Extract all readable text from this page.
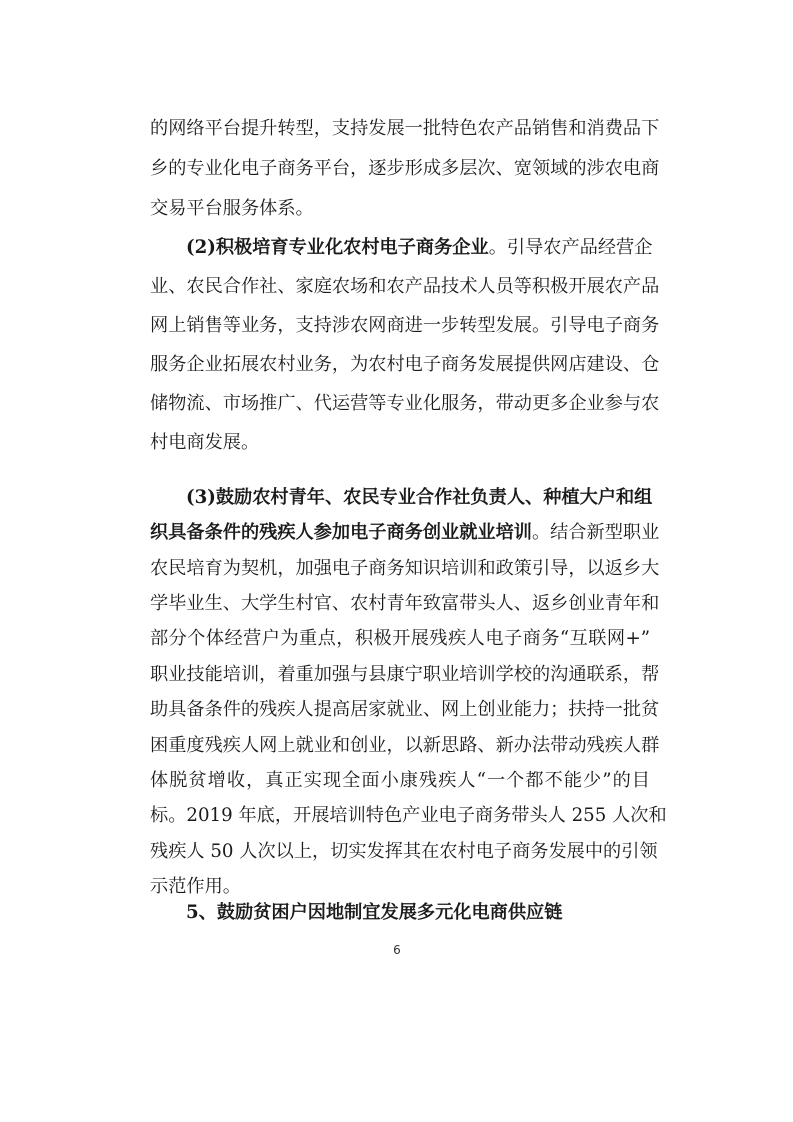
的网络平台提升转型，支持发展一批特色农产品销售和消费品下
乡的专业化电子商务平台，逐步形成多层次、宽领域的涉农电商
交易平台服务体系。
(2)积极培育专业化农村电子商务企业。引导农产品经营企
业、农民合作社、家庭农场和农产品技术人员等积极开展农产品
网上销售等业务，支持涉农网商进一步转型发展。引导电子商务
服务企业拓展农村业务，为农村电子商务发展提供网店建设、仓
储物流、市场推广、代运营等专业化服务，带动更多企业参与农
村电商发展。
(3)鼓励农村青年、农民专业合作社负责人、种植大户和组
织具备条件的残疾人参加电子商务创业就业培训。结合新型职业
农民培育为契机，加强电子商务知识培训和政策引导，以返乡大
学毕业生、大学生村官、农村青年致富带头人、返乡创业青年和
部分个体经营户为重点，积极开展残疾人电子商务“互联网+”
职业技能培训，着重加强与县康宁职业培训学校的沟通联系，帮
助具备条件的残疾人提高居家就业、网上创业能力；扶持一批贫
困重度残疾人网上就业和创业，以新思路、新办法带动残疾人群
体脱贫增收，真正实现全面小康残疾人“一个都不能少”的目
标。2019 年底，开展培训特色产业电子商务带头人 255 人次和
残疾人 50 人次以上，切实发挥其在农村电子商务发展中的引领
示范作用。
5、鼓励贫困户因地制宜发展多元化电商供应链
6
